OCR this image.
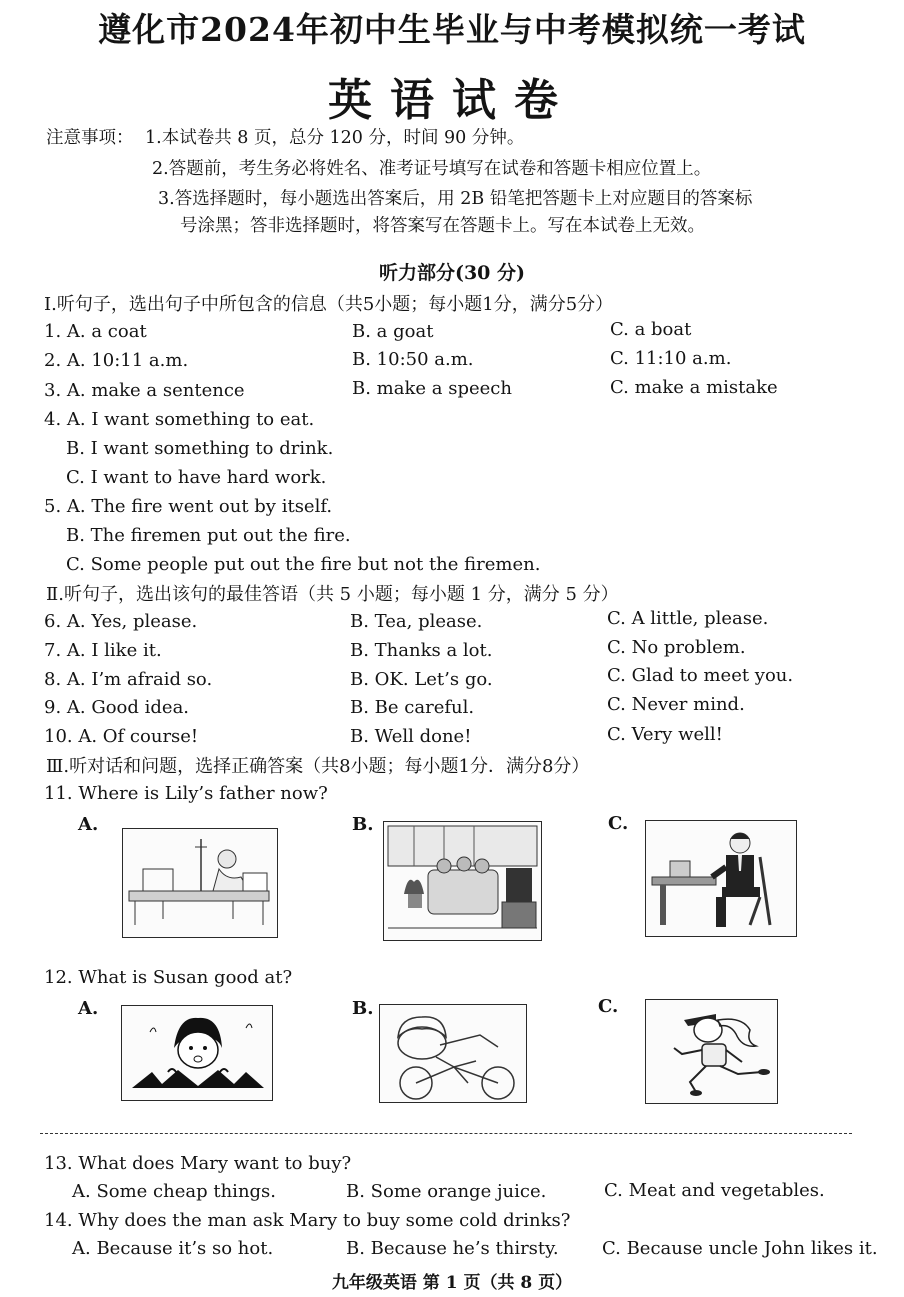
遵化市2024年初中生毕业与中考模拟统一考试
英语试卷
注意事项： 1.本试卷共 8 页，总分 120 分，时间 90 分钟。
2.答题前，考生务必将姓名、准考证号填写在试卷和答题卡相应位置上。
3.答选择题时，每小题选出答案后，用 2B 铅笔把答题卡上对应题目的答案标
号涂黑；答非选择题时，将答案写在答题卡上。写在本试卷上无效。
听力部分(30 分)
Ⅰ.听句子，选出句子中所包含的信息（共5小题；每小题1分，满分5分）
1. A. a coat	B. a goat	C. a boat
2. A. 10:11 a.m.	B. 10:50 a.m.	C. 11:10 a.m.
3. A. make a sentence	B. make a speech	C. make a mistake
4. A. I want something to eat.
B. I want something to drink.
C. I want to have hard work.
5. A. The fire went out by itself.
B. The firemen put out the fire.
C. Some people put out the fire but not the firemen.
Ⅱ.听句子，选出该句的最佳答语（共 5 小题；每小题 1 分，满分 5 分）
6. A. Yes, please.	B. Tea, please.	C. A little, please.
7. A. I like it.	B. Thanks a lot.	C. No problem.
8. A. I’m afraid so.	B. OK. Let’s go.	C. Glad to meet you.
9. A. Good idea.	B. Be careful.	C. Never mind.
10. A. Of course!	B. Well done!	C. Very well!
Ⅲ.听对话和问题，选择正确答案（共8小题；每小题1分．满分8分）
11. Where is Lily’s father now?
A.	B.	C.
12. What is Susan good at?
A.	B.	C.
13. What does Mary want to buy?
A. Some cheap things.	B. Some orange juice.	C. Meat and vegetables.
14. Why does the man ask Mary to buy some cold drinks?
A. Because it’s so hot.	B. Because he’s thirsty. C. Because uncle John likes it.
九年级英语 第 1 页（共 8 页）
